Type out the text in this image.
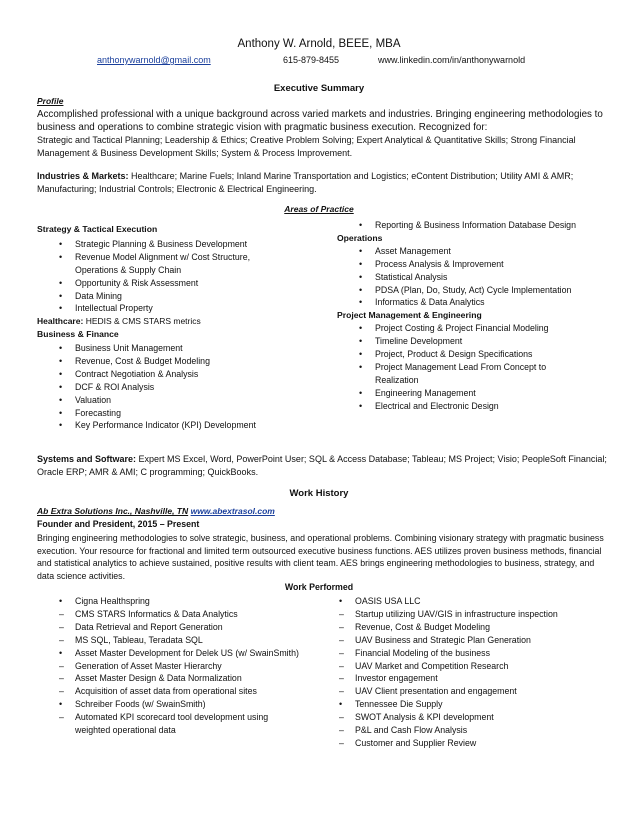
Anthony W. Arnold, BEEE, MBA
anthonywarnold@gmail.com	615-879-8455	www.linkedin.com/in/anthonywarnold
Executive Summary
Profile
Accomplished professional with a unique background across varied markets and industries. Bringing engineering methodologies to business and operations to combine strategic vision with pragmatic business execution. Recognized for:
Strategic and Tactical Planning; Leadership & Ethics; Creative Problem Solving; Expert Analytical & Quantitative Skills; Strong Financial Management & Business Development Skills; System & Process Improvement.
Industries & Markets: Healthcare; Marine Fuels; Inland Marine Transportation and Logistics; eContent Distribution; Utility AMI & AMR; Manufacturing; Industrial Controls; Electronic & Electrical Engineering.
Areas of Practice
Strategy & Tactical Execution
• Strategic Planning & Business Development
• Revenue Model Alignment w/ Cost Structure, Operations & Supply Chain
• Opportunity & Risk Assessment
• Data Mining
• Intellectual Property
Healthcare: HEDIS & CMS STARS metrics
Business & Finance
• Business Unit Management
• Revenue, Cost & Budget Modeling
• Contract Negotiation & Analysis
• DCF & ROI Analysis
• Valuation
• Forecasting
• Key Performance Indicator (KPI) Development
• Reporting & Business Information Database Design
Operations
• Asset Management
• Process Analysis & Improvement
• Statistical Analysis
• PDSA (Plan, Do, Study, Act) Cycle Implementation
• Informatics & Data Analytics
Project Management & Engineering
• Project Costing & Project Financial Modeling
• Timeline Development
• Project, Product & Design Specifications
• Project Management Lead From Concept to Realization
• Engineering Management
• Electrical and Electronic Design
Systems and Software: Expert MS Excel, Word, PowerPoint User; SQL & Access Database; Tableau; MS Project; Visio; PeopleSoft Financial; Oracle ERP; AMR & AMI; C programming; QuickBooks.
Work History
Ab Extra Solutions Inc., Nashville, TN www.abextrasol.com
Founder and President, 2015 – Present
Bringing engineering methodologies to solve strategic, business, and operational problems. Combining visionary strategy with pragmatic business execution. Your resource for fractional and limited term outsourced executive business functions. AES utilizes proven business methods, financial and statistical analytics to achieve sustained, positive results with client team. AES brings engineering methodologies to business, strategy, and data science activities.
Work Performed
• Cigna Healthspring
– CMS STARS Informatics & Data Analytics
– Data Retrieval and Report Generation
– MS SQL, Tableau, Teradata SQL
• Asset Master Development for Delek US (w/ SwainSmith)
– Generation of Asset Master Hierarchy
– Asset Master Design & Data Normalization
– Acquisition of asset data from operational sites
• Schreiber Foods (w/ SwainSmith)
– Automated KPI scorecard tool development using weighted operational data
• OASIS USA LLC
– Startup utilizing UAV/GIS in infrastructure inspection
– Revenue, Cost & Budget Modeling
– UAV Business and Strategic Plan Generation
– Financial Modeling of the business
– UAV Market and Competition Research
– Investor engagement
– UAV Client presentation and engagement
• Tennessee Die Supply
– SWOT Analysis & KPI development
– P&L and Cash Flow Analysis
– Customer and Supplier Review
